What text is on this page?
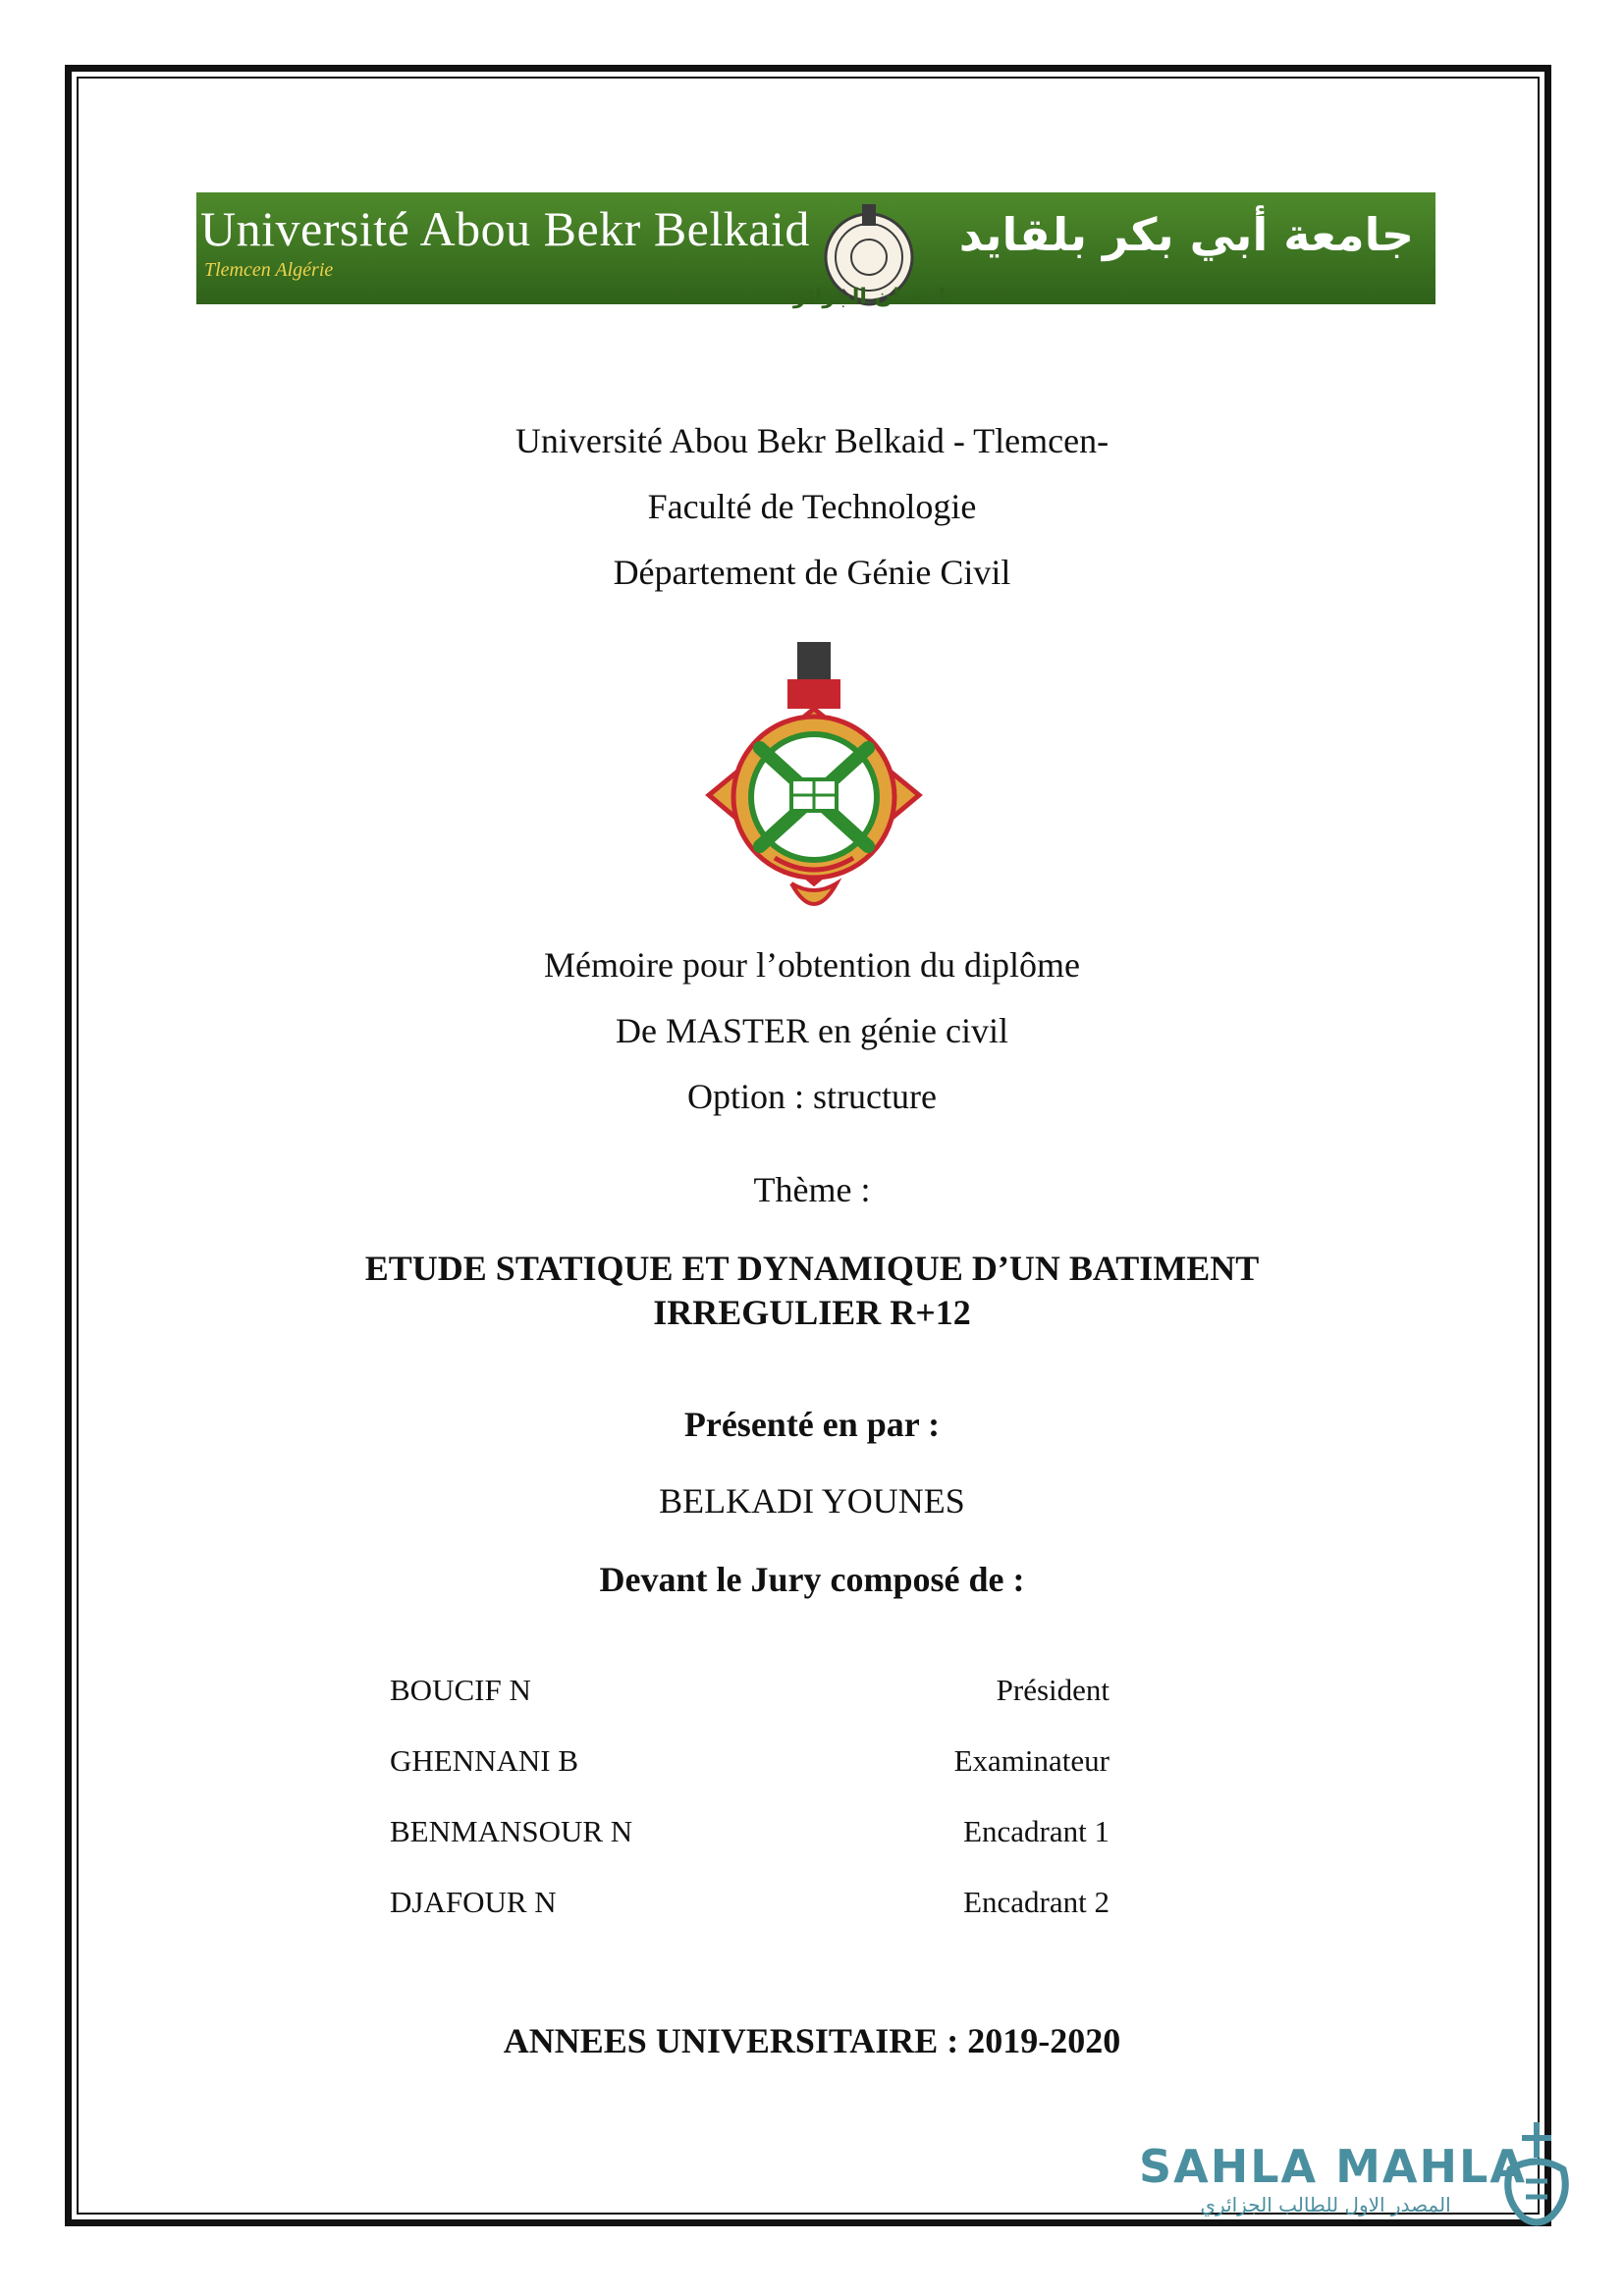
Université Abou Bekr Belkaid
Tlemcen Algérie
جامعة أبي بكر بلقايد
تلمسان الجزائر
Université Abou Bekr Belkaid - Tlemcen-
Faculté de Technologie
Département de Génie Civil
Mémoire pour l’obtention du diplôme
De MASTER en génie civil
Option : structure
Thème :
ETUDE STATIQUE ET DYNAMIQUE D’UN BATIMENT
IRREGULIER R+12
Présenté en par :
BELKADI YOUNES
Devant le Jury composé de :
BOUCIF N	Président
GHENNANI B	Examinateur
BENMANSOUR N	Encadrant 1
DJAFOUR N	Encadrant 2
ANNEES UNIVERSITAIRE : 2019-2020
SAHLA MAHLA
المصدر الاول للطالب الجزائري
